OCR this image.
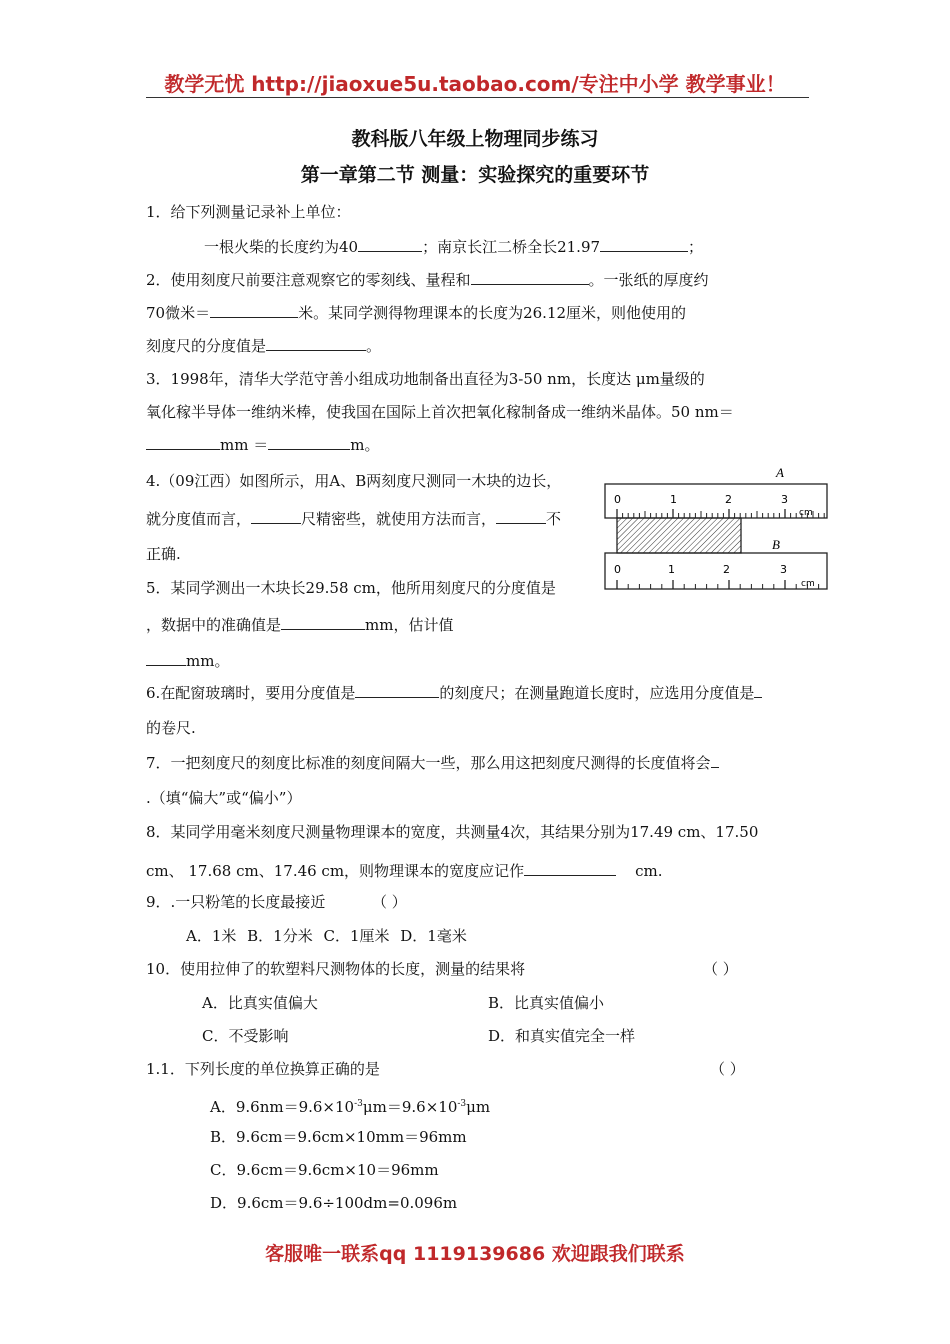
教学无忧 http://jiaoxue5u.taobao.com/专注中小学 教学事业！
教科版八年级上物理同步练习
第一章第二节 测量：实验探究的重要环节
1．给下列测量记录补上单位：
一根火柴的长度约为40	；南京长江二桥全长21.97	；
2．使用刻度尺前要注意观察它的零刻线、量程和	。一张纸的厚度约
70微米＝	米。某同学测得物理课本的长度为26.12厘米，则他使用的
刻度尺的分度值是	。
3．1998年，清华大学范守善小组成功地制备出直径为3-50 nm，长度达 μm量级的
氧化稼半导体一维纳米棒，使我国在国际上首次把氧化稼制备成一维纳米晶体。50 nm＝
mm ＝	m。
4.（09江西）如图所示，用A、B两刻度尺测同一木块的边长，
就分度值而言，	尺精密些，就使用方法而言，	不
正确.
A
0	1	2	3
cm
B
0	1	2	3
cm
5．某同学测出一木块长29.58 cm，他所用刻度尺的分度值是
，数据中的准确值是	mm，估计值
mm。
6.在配窗玻璃时，要用分度值是	的刻度尺；在测量跑道长度时，应选用分度值是
的卷尺.
7．一把刻度尺的刻度比标准的刻度间隔大一些，那么用这把刻度尺测得的长度值将会
.（填“偏大”或“偏小”）
8．某同学用毫米刻度尺测量物理课本的宽度，共测量4次，其结果分别为17.49 cm、17.50
cm、 17.68 cm、17.46 cm，则物理课本的宽度应记作	cm.
9．.一只粉笔的长度最接近	（ ）
A．1米 B．1分米 C．1厘米 D．1毫米
10．使用拉伸了的软塑料尺测物体的长度，测量的结果将	（ ）
A．比真实值偏大	B．比真实值偏小
C．不受影响	D．和真实值完全一样
1.1．下列长度的单位换算正确的是	（ ）
A．$9.6nm=9.6\times 10^{-3}\mu m=9.6\times 10^{-3}\mu m$
B．9.6cm＝9.6cm×10mm＝96mm
C．9.6cm＝9.6cm×10＝96mm
D．9.6cm＝9.6÷100dm=0.096m
客服唯一联系qq 1119139686 欢迎跟我们联系
